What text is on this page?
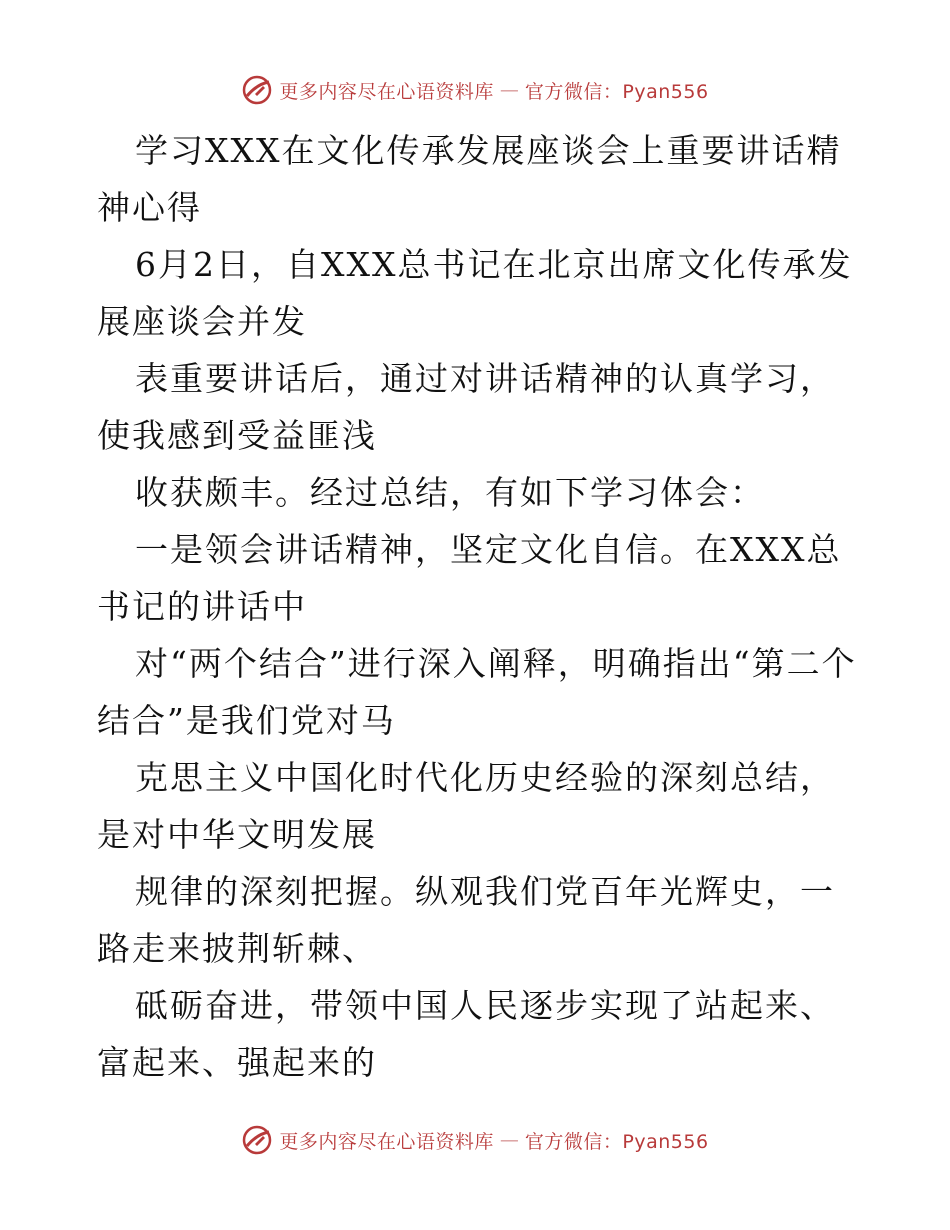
更多内容尽在心语资料库 — 官方微信：Pyan556

学习XXX在文化传承发展座谈会上重要讲话精神心得

6月2日，自XXX总书记在北京出席文化传承发展座谈会并发

表重要讲话后，通过对讲话精神的认真学习，使我感到受益匪浅

收获颇丰。经过总结，有如下学习体会：

一是领会讲话精神，坚定文化自信。在XXX总书记的讲话中

对“两个结合”进行深入阐释，明确指出“第二个结合”是我们党对马

克思主义中国化时代化历史经验的深刻总结，是对中华文明发展

规律的深刻把握。纵观我们党百年光辉史，一路走来披荆斩棘、

砥砺奋进，带领中国人民逐步实现了站起来、富起来、强起来的

更多内容尽在心语资料库 — 官方微信：Pyan556
